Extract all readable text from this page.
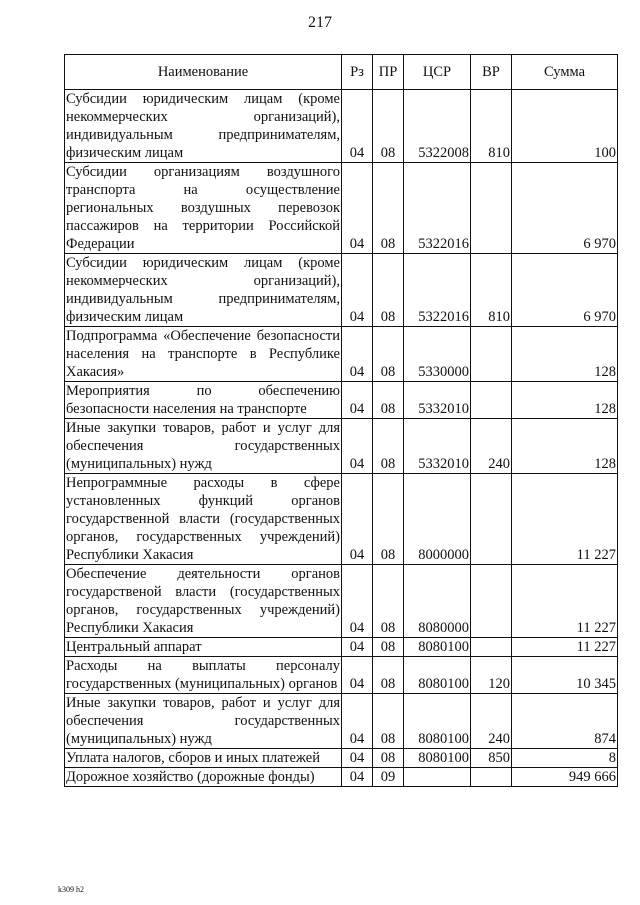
217
Наименование	Рз	ПР	ЦСР	ВР	Сумма
Субсидии юридическим лицам (кроме некоммерческих организаций), индивидуальным предпринимателям, физическим лицам	04	08	5322008	810	100
Субсидии организациям воздушного транспорта на осуществление региональных воздушных перевозок пассажиров на территории Российской Федерации	04	08	5322016		6 970
Субсидии юридическим лицам (кроме некоммерческих организаций), индивидуальным предпринимателям, физическим лицам	04	08	5322016	810	6 970
Подпрограмма «Обеспечение безопасности населения на транспорте в Республике Хакасия»	04	08	5330000		128
Мероприятия по обеспечению безопасности населения на транспорте	04	08	5332010		128
Иные закупки товаров, работ и услуг для обеспечения государственных (муниципальных) нужд	04	08	5332010	240	128
Непрограммные расходы в сфере установленных функций органов государственной власти (государственных органов, государственных учреждений) Республики Хакасия	04	08	8000000		11 227
Обеспечение деятельности органов государственой власти (государственных органов, государственных учреждений) Республики Хакасия	04	08	8080000		11 227
Центральный аппарат	04	08	8080100		11 227
Расходы на выплаты персоналу государственных (муниципальных) органов	04	08	8080100	120	10 345
Иные закупки товаров, работ и услуг для обеспечения государственных (муниципальных) нужд	04	08	8080100	240	874
Уплата налогов, сборов и иных платежей	04	08	8080100	850	8
Дорожное хозяйство (дорожные фонды)	04	09			949 666
k309 h2
